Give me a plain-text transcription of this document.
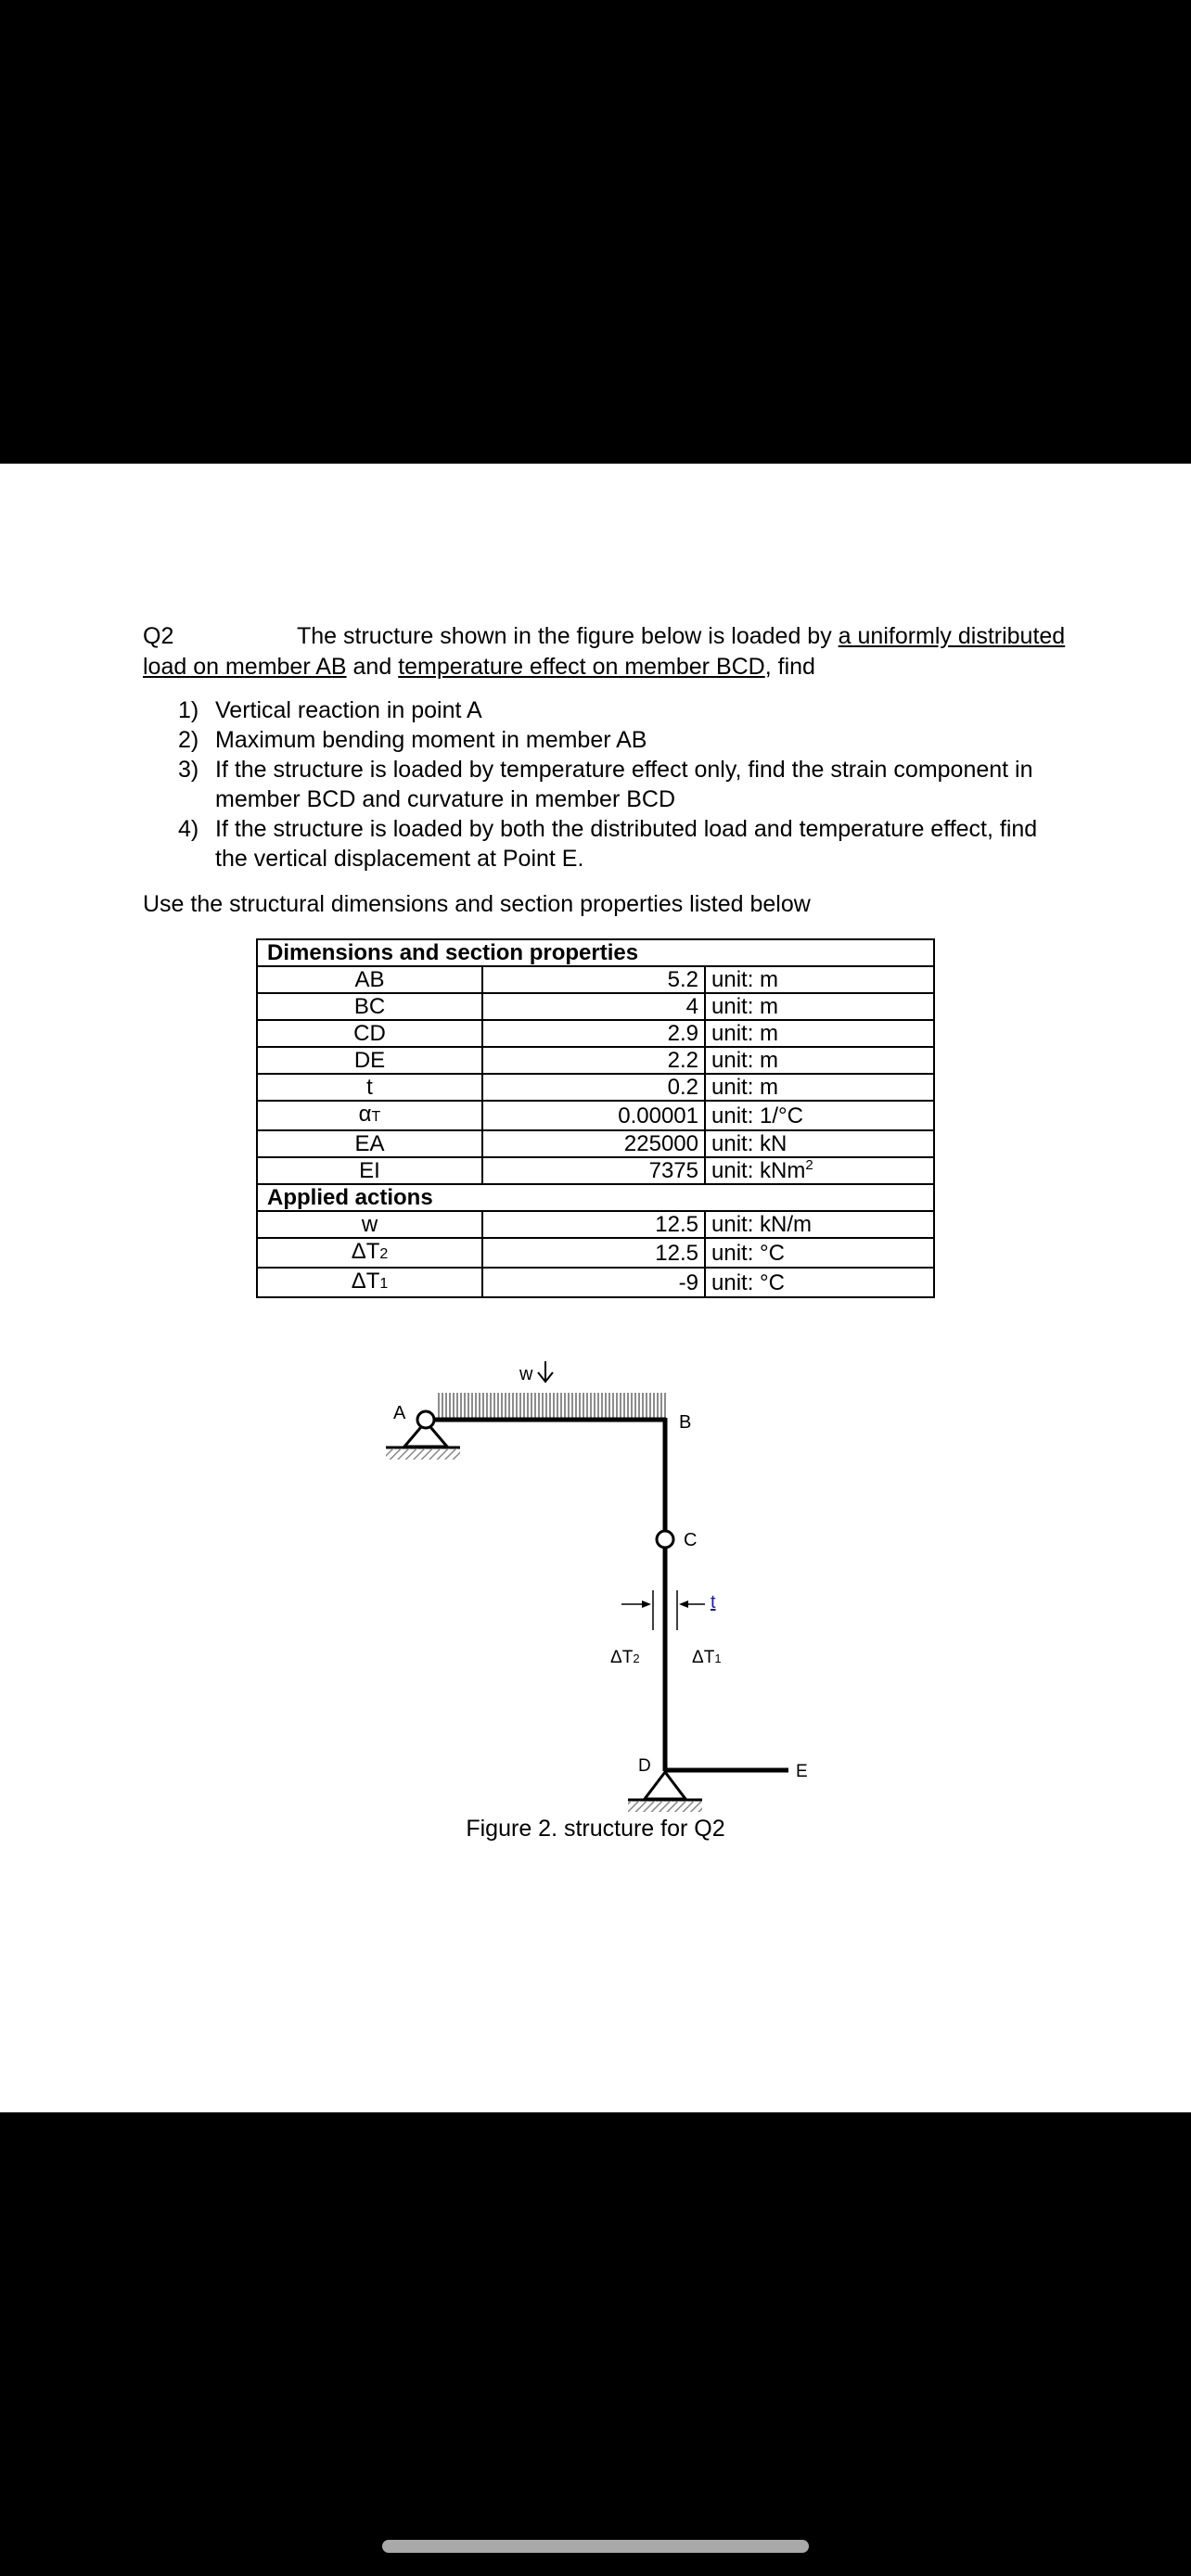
Q2	The structure shown in the figure below is loaded by a uniformly distributed load on member AB and temperature effect on member BCD, find
1) Vertical reaction in point A
2) Maximum bending moment in member AB
3) If the structure is loaded by temperature effect only, find the strain component in member BCD and curvature in member BCD
4) If the structure is loaded by both the distributed load and temperature effect, find the vertical displacement at Point E.
Use the structural dimensions and section properties listed below
Dimensions and section properties		
AB	5.2	unit: m
BC	4	unit: m
CD	2.9	unit: m
DE	2.2	unit: m
t	0.2	unit: m
αT	0.00001	unit: 1/°C
EA	225000	unit: kN
EI	7375	unit: kNm$^2$
Applied actions		
w	12.5	unit: kN/m
ΔT2	12.5	unit: °C
ΔT1	-9	unit: °C
w
A	B
C
t
ΔT2	ΔT1
D	E
Figure 2. structure for Q2
